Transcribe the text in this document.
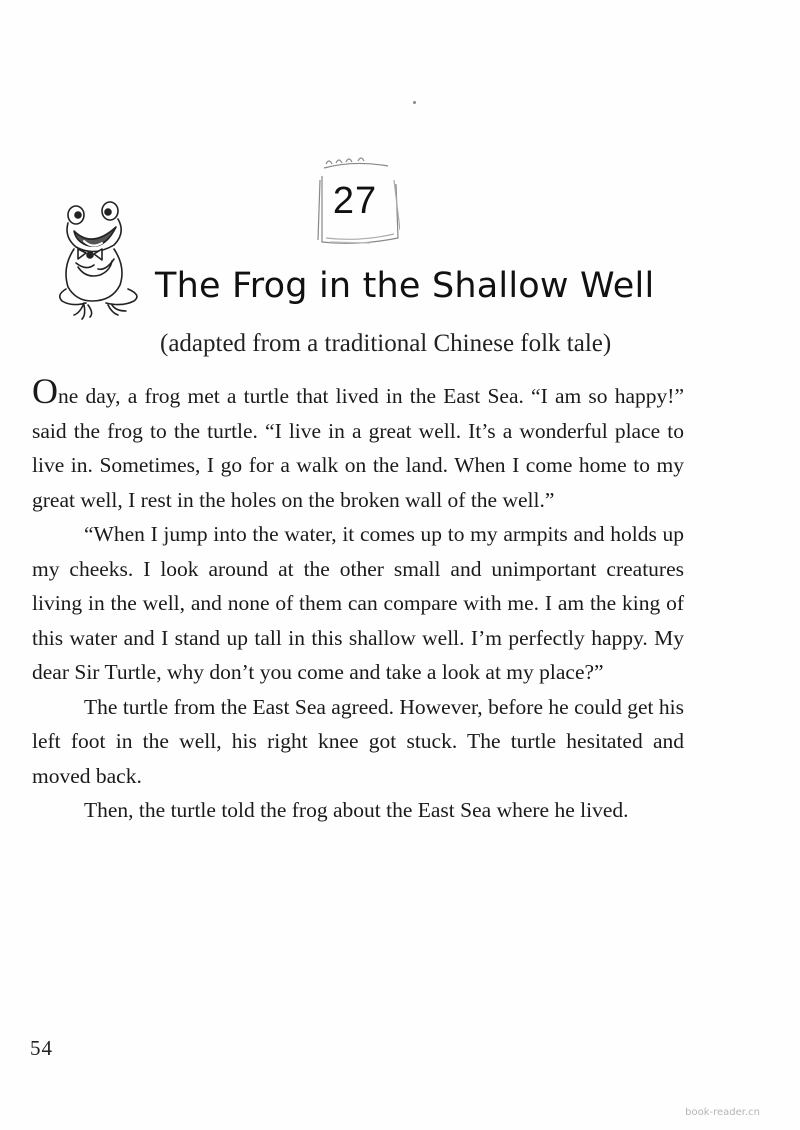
27
The Frog in the Shallow Well
(adapted from a traditional Chinese folk tale)

One day, a frog met a turtle that lived in the East Sea. “I am so happy!” said the frog to the turtle. “I live in a great well. It’s a wonderful place to live in. Sometimes, I go for a walk on the land. When I come home to my great well, I rest in the holes on the broken wall of the well.”

“When I jump into the water, it comes up to my armpits and holds up my cheeks. I look around at the other small and unimportant creatures living in the well, and none of them can compare with me. I am the king of this water and I stand up tall in this shallow well. I’m perfectly happy. My dear Sir Turtle, why don’t you come and take a look at my place?”

The turtle from the East Sea agreed. However, before he could get his left foot in the well, his right knee got stuck. The turtle hesitated and moved back.

Then, the turtle told the frog about the East Sea where he lived.

54
book-reader.cn
